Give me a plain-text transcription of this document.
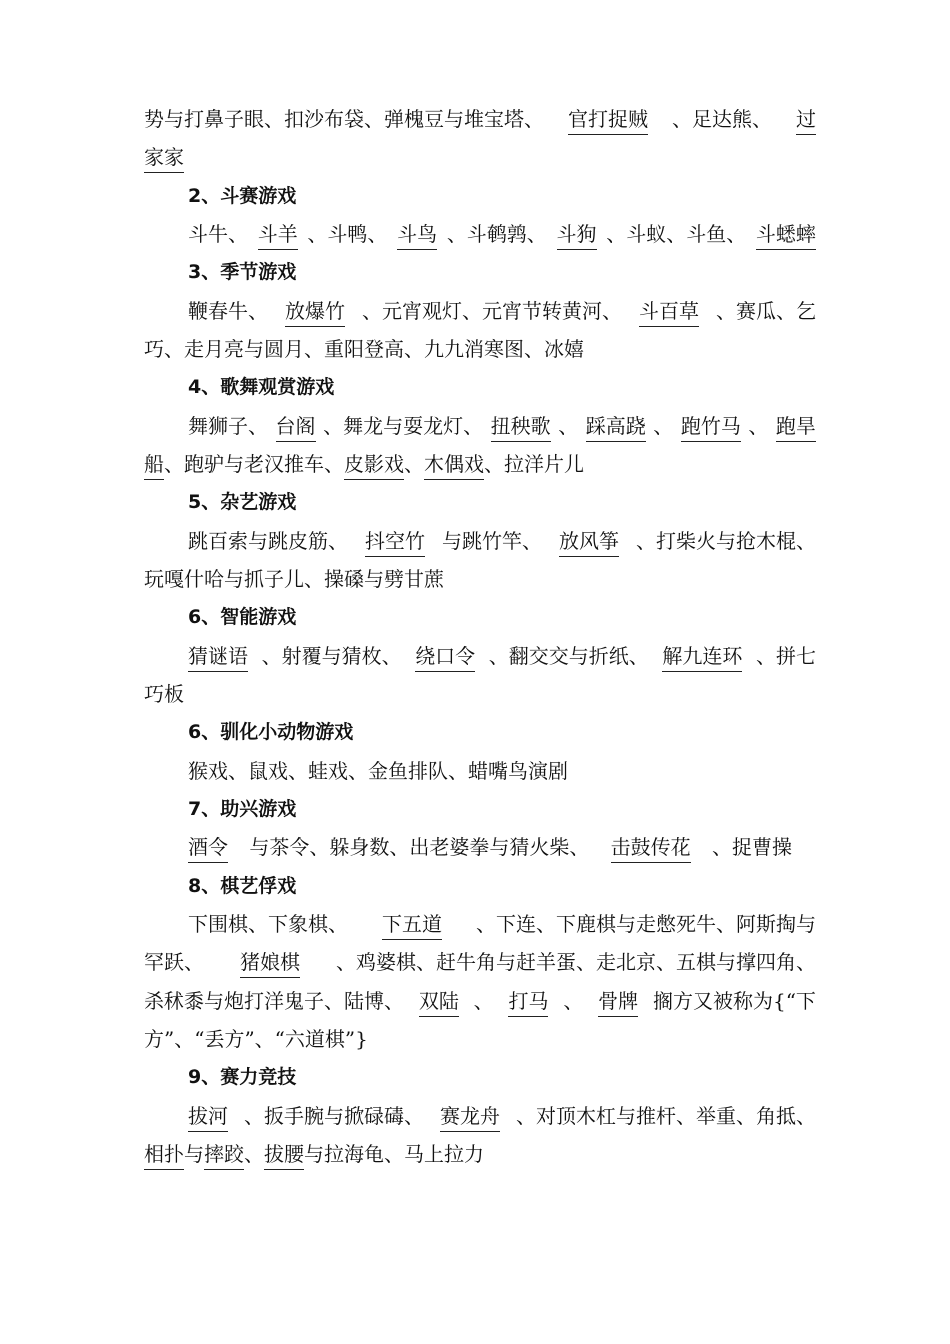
势与打鼻子眼、扣沙布袋、弹槐豆与堆宝塔、 官打捉贼 、足达熊、 过
家家
2、斗赛游戏
斗牛、 斗羊 、斗鸭、 斗鸟 、斗鹌鹑、 斗狗 、斗蚁、斗鱼、 斗蟋蟀
3、季节游戏
鞭春牛、 放爆竹 、元宵观灯、元宵节转黄河、 斗百草 、赛瓜、乞
巧、走月亮与圆月、重阳登高、九九消寒图、冰嬉
4、歌舞观赏游戏
舞狮子、 台阁 、舞龙与耍龙灯、 扭秧歌 、 踩高跷 、 跑竹马 、 跑旱
船、跑驴与老汉推车、皮影戏、木偶戏、拉洋片儿
5、杂艺游戏
跳百索与跳皮筋、 抖空竹 与跳竹竿、 放风筝 、打柴火与抢木棍、
玩嘎什哈与抓子儿、操磉与劈甘蔗
6、智能游戏
猜谜语 、射覆与猜枚、 绕口令 、翻交交与折纸、 解九连环 、拼七
巧板
6、驯化小动物游戏
猴戏、鼠戏、蛙戏、金鱼排队、蜡嘴鸟演剧
7、助兴游戏
酒令 与茶令、躲身数、出老婆拳与猜火柴、 击鼓传花 、捉曹操
8、棋艺俘戏
下围棋、下象棋、 下五道 、下连、下鹿棋与走憋死牛、阿斯掏与
罕跃、 猪娘棋 、鸡婆棋、赶牛角与赶羊蛋、走北京、五棋与撑四角、
杀秫黍与炮打洋鬼子、陆博、 双陆 、 打马 、 骨牌 搁方又被称为{“下
方”、“丢方”、“六道棋”}
9、赛力竞技
拔河 、扳手腕与掀碌碡、 赛龙舟 、对顶木杠与推杆、举重、角抵、
相扑与摔跤、拔腰与拉海龟、马上拉力
